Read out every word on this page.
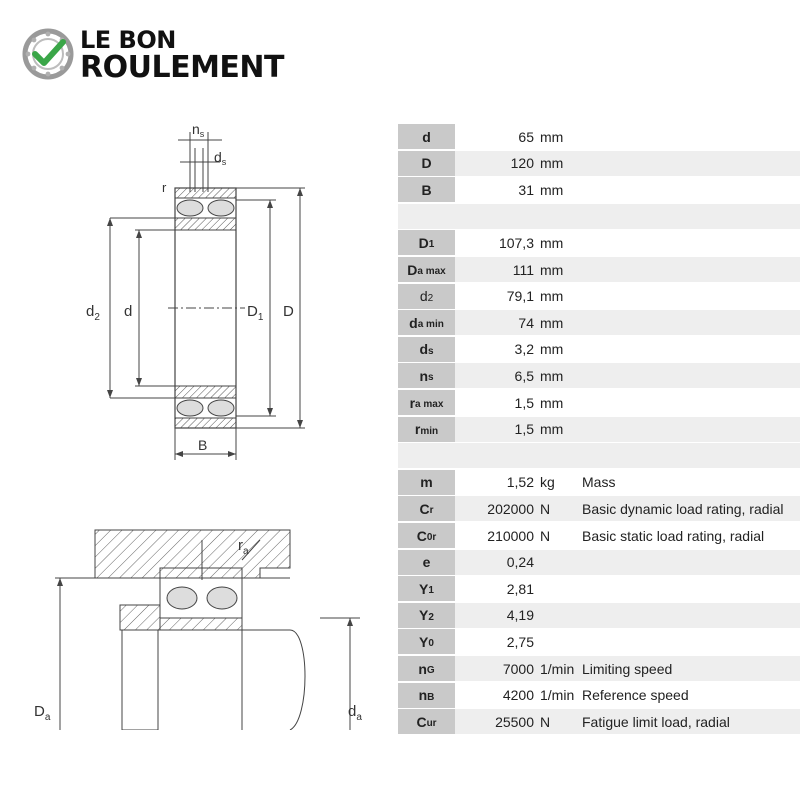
LE BON
ROULEMENT
$n_s$
$d_s$
r
$d_2$ d	$D_1$ D
B
$r_a$
$D_a$	$d_a$
d	65 mm
D	120 mm
B	31 mm
$D_1$	107,3 mm
$D_{a max}$	111 mm
$d_2$	79,1 mm
$d_{a min}$	74 mm
$d_s$	3,2 mm
$n_s$	6,5 mm
$r_{a max}$	1,5 mm
$r_{min}$	1,5 mm
m	1,52 kg	Mass
$C_r$	202000 N	Basic dynamic load rating, radial
$C_{0r}$	210000 N	Basic static load rating, radial
e	0,24
$Y_1$	2,81
$Y_2$	4,19
$Y_0$	2,75
$n_G$	7000 1/min Limiting speed
$n_B$	4200 1/min Reference speed
$C_{ur}$	25500 N	Fatigue limit load, radial
